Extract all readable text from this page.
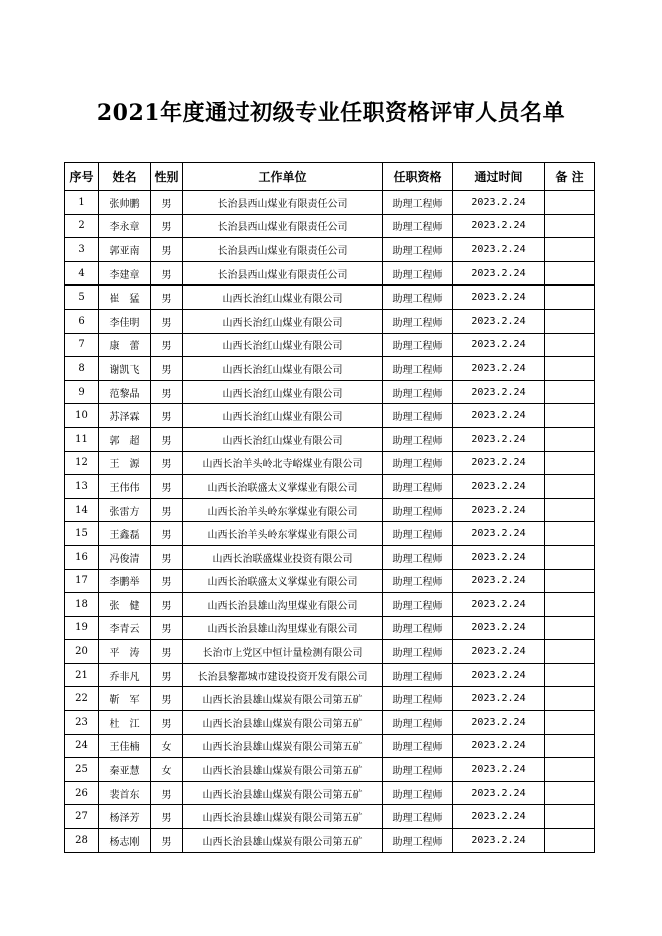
2021年度通过初级专业任职资格评审人员名单
序号	姓名	性别	工作单位	任职资格	通过时间	备 注
1	张帅鹏	男	长治县西山煤业有限责任公司	助理工程师	2023.2.24	
2	李永章	男	长治县西山煤业有限责任公司	助理工程师	2023.2.24	
3	郭亚南	男	长治县西山煤业有限责任公司	助理工程师	2023.2.24	
4	李建章	男	长治县西山煤业有限责任公司	助理工程师	2023.2.24	
5	崔　猛	男	山西长治红山煤业有限公司	助理工程师	2023.2.24	
6	李佳明	男	山西长治红山煤业有限公司	助理工程师	2023.2.24	
7	康　蕾	男	山西长治红山煤业有限公司	助理工程师	2023.2.24	
8	谢凯飞	男	山西长治红山煤业有限公司	助理工程师	2023.2.24	
9	范黎晶	男	山西长治红山煤业有限公司	助理工程师	2023.2.24	
10	苏泽霖	男	山西长治红山煤业有限公司	助理工程师	2023.2.24	
11	郭　超	男	山西长治红山煤业有限公司	助理工程师	2023.2.24	
12	王　源	男	山西长治羊头岭北寺峪煤业有限公司	助理工程师	2023.2.24	
13	王伟伟	男	山西长治联盛太义掌煤业有限公司	助理工程师	2023.2.24	
14	张雷方	男	山西长治羊头岭东掌煤业有限公司	助理工程师	2023.2.24	
15	王鑫磊	男	山西长治羊头岭东掌煤业有限公司	助理工程师	2023.2.24	
16	冯俊清	男	山西长治联盛煤业投资有限公司	助理工程师	2023.2.24	
17	李鹏举	男	山西长治联盛太义掌煤业有限公司	助理工程师	2023.2.24	
18	张　健	男	山西长治县雄山沟里煤业有限公司	助理工程师	2023.2.24	
19	李青云	男	山西长治县雄山沟里煤业有限公司	助理工程师	2023.2.24	
20	平　涛	男	长治市上党区中恒计量检测有限公司	助理工程师	2023.2.24	
21	乔非凡	男	长治县黎都城市建设投资开发有限公司	助理工程师	2023.2.24	
22	靳　军	男	山西长治县雄山煤炭有限公司第五矿	助理工程师	2023.2.24	
23	杜　江	男	山西长治县雄山煤炭有限公司第五矿	助理工程师	2023.2.24	
24	王佳楠	女	山西长治县雄山煤炭有限公司第五矿	助理工程师	2023.2.24	
25	秦亚慧	女	山西长治县雄山煤炭有限公司第五矿	助理工程师	2023.2.24	
26	裴首东	男	山西长治县雄山煤炭有限公司第五矿	助理工程师	2023.2.24	
27	杨泽芳	男	山西长治县雄山煤炭有限公司第五矿	助理工程师	2023.2.24	
28	杨志刚	男	山西长治县雄山煤炭有限公司第五矿	助理工程师	2023.2.24	
